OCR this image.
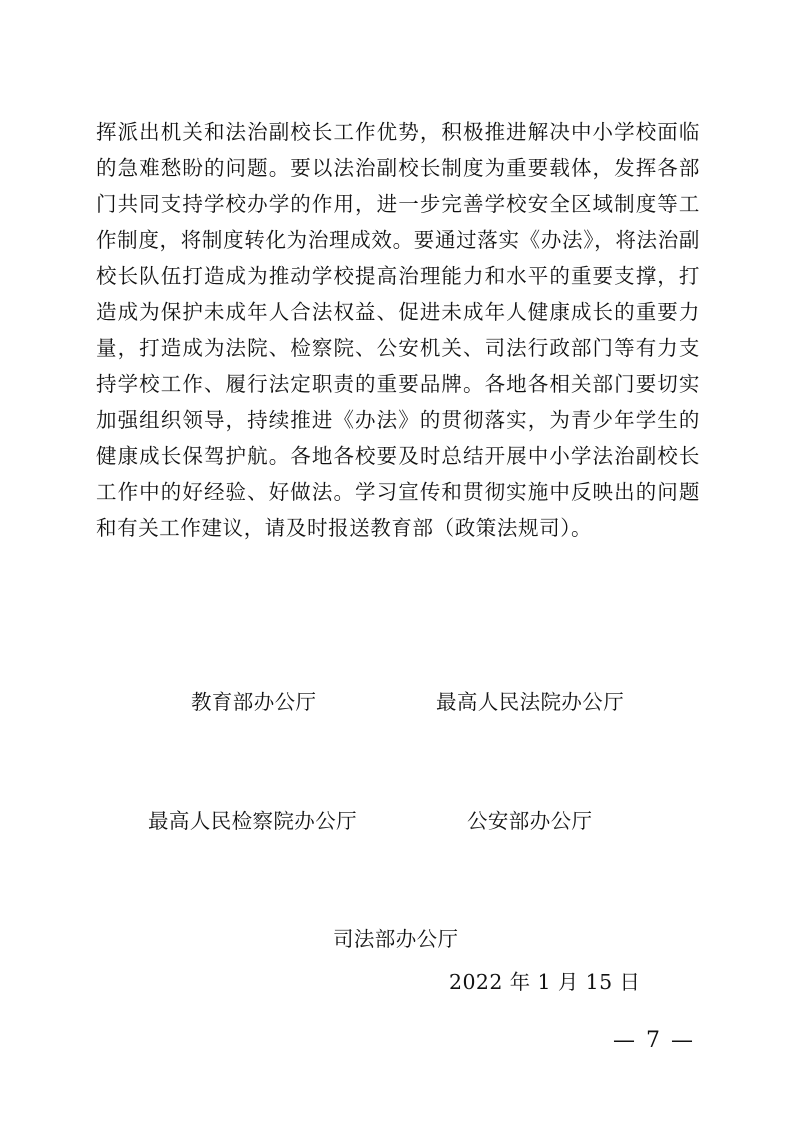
挥派出机关和法治副校长工作优势，积极推进解决中小学校面临
的急难愁盼的问题。要以法治副校长制度为重要载体，发挥各部
门共同支持学校办学的作用，进一步完善学校安全区域制度等工
作制度，将制度转化为治理成效。要通过落实《办法》，将法治副
校长队伍打造成为推动学校提高治理能力和水平的重要支撑，打
造成为保护未成年人合法权益、促进未成年人健康成长的重要力
量，打造成为法院、检察院、公安机关、司法行政部门等有力支
持学校工作、履行法定职责的重要品牌。各地各相关部门要切实
加强组织领导，持续推进《办法》的贯彻落实，为青少年学生的
健康成长保驾护航。各地各校要及时总结开展中小学法治副校长
工作中的好经验、好做法。学习宣传和贯彻实施中反映出的问题
和有关工作建议，请及时报送教育部（政策法规司）。
教育部办公厅	最高人民法院办公厅
最高人民检察院办公厅	公安部办公厅
司法部办公厅
2022 年 1 月 15 日
— 7 —
